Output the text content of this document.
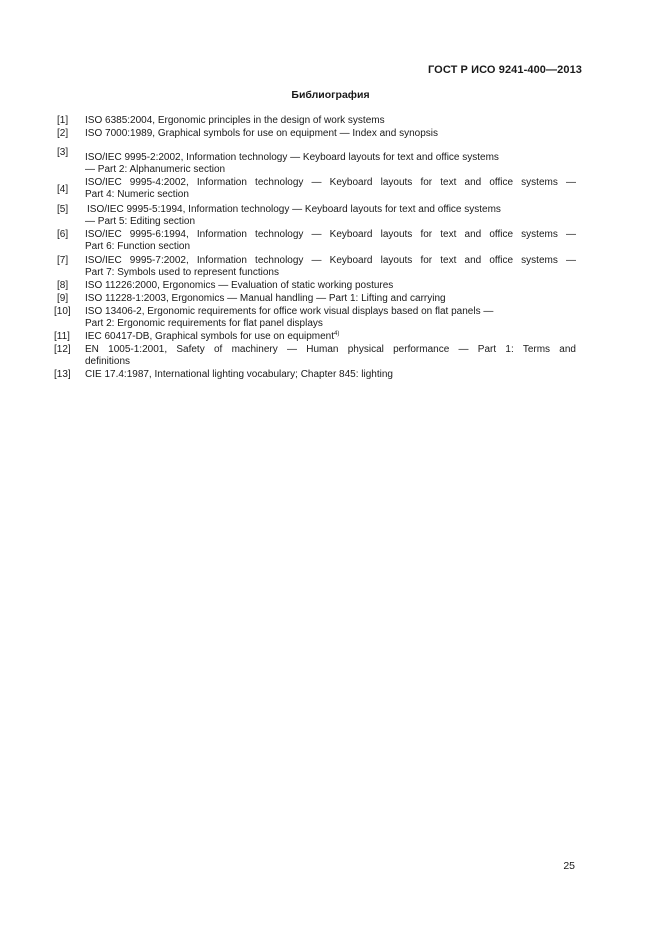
ГОСТ Р ИСО 9241-400—2013
Библиография
[1] ISO 6385:2004, Ergonomic principles in the design of work systems
[2] ISO 7000:1989, Graphical symbols for use on equipment — Index and synopsis
[3] ISO/IEC 9995-2:2002, Information technology — Keyboard layouts for text and office systems
— Part 2: Alphanumeric section
[4]
ISO/IEC 9995-4:2002, Information technology — Keyboard layouts for text and office systems —
Part 4: Numeric section
[5] ISO/IEC 9995-5:1994, Information technology — Keyboard layouts for text and office systems
— Part 5: Editing section
[6] ISO/IEC 9995-6:1994, Information technology — Keyboard layouts for text and office systems —
Part 6: Function section
[7] ISO/IEC 9995-7:2002, Information technology — Keyboard layouts for text and office systems —
Part 7: Symbols used to represent functions
[8] ISO 11226:2000, Ergonomics — Evaluation of static working postures
[9] ISO 11228-1:2003, Ergonomics — Manual handling — Part 1: Lifting and carrying
[10] ISO 13406-2, Ergonomic requirements for office work visual displays based on flat panels —
Part 2: Ergonomic requirements for flat panel displays
[11] IEC 60417-DB, Graphical symbols for use on equipment$^{4)}$
[12] EN 1005-1:2001, Safety of machinery — Human physical performance — Part 1: Terms and
definitions
[13] CIE 17.4:1987, International lighting vocabulary; Chapter 845: lighting
25
